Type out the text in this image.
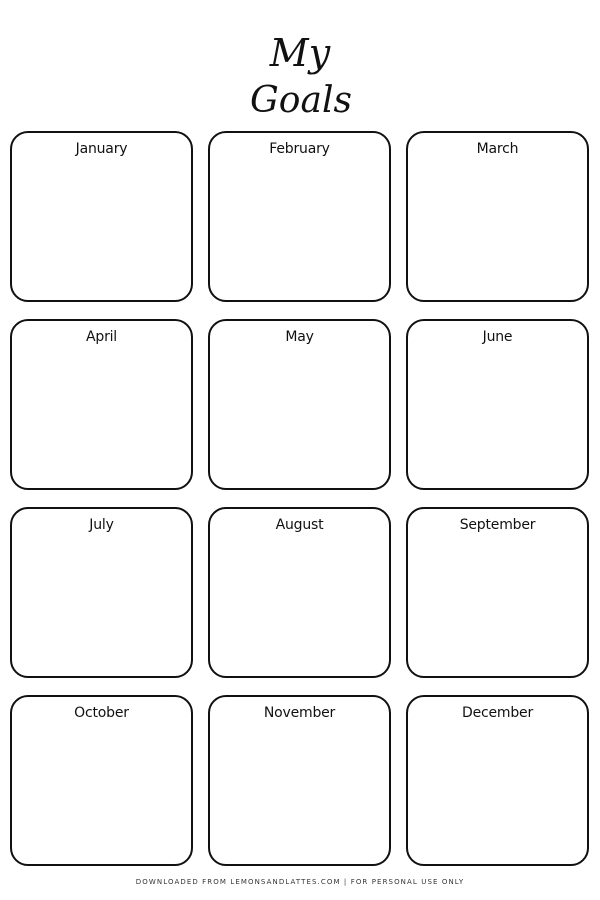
My
Goals
January	February	March
April	May	June
July	August	September
October	November	December
DOWNLOADED FROM LEMONSANDLATTES.COM | FOR PERSONAL USE ONLY
